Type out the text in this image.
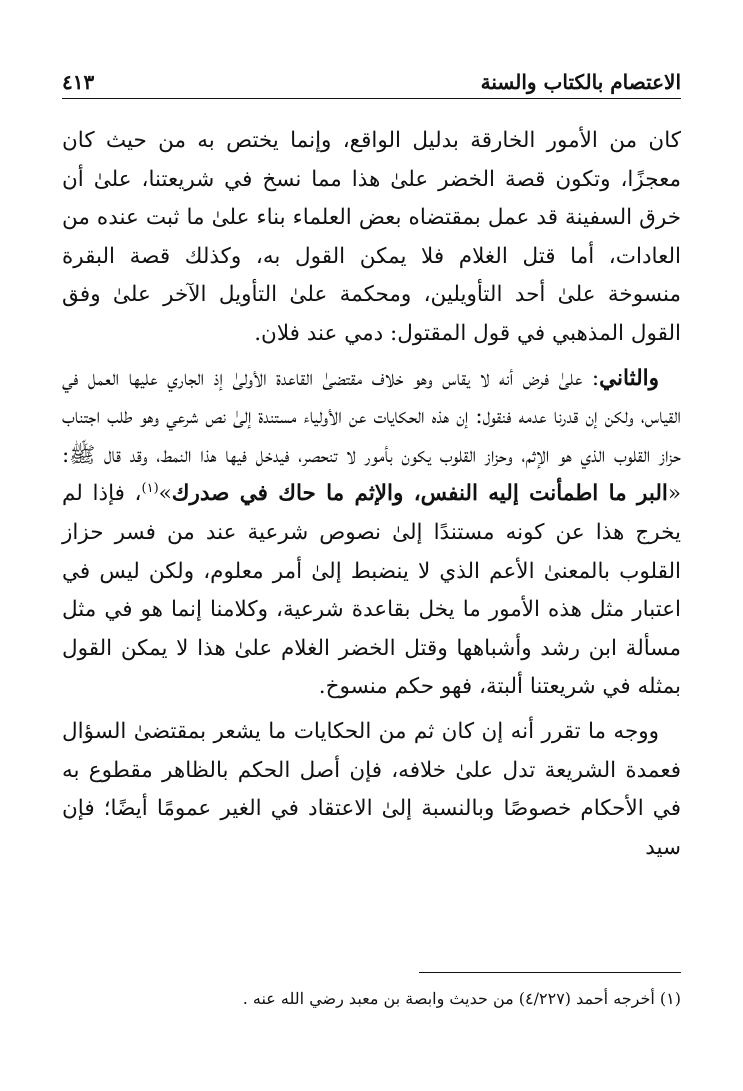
الاعتصام بالكتاب والسنة
٤١٣

كان من الأمور الخارقة بدليل الواقع، وإنما يختص به من حيث كان معجزًا، وتكون قصة الخضر علىٰ هذا مما نسخ في شريعتنا، علىٰ أن خرق السفينة قد عمل بمقتضاه بعض العلماء بناء علىٰ ما ثبت عنده من العادات، أما قتل الغلام فلا يمكن القول به، وكذلك قصة البقرة منسوخة علىٰ أحد التأويلين، ومحكمة علىٰ التأويل الآخر علىٰ وفق القول المذهبي في قول المقتول: دمي عند فلان.

والثاني: علىٰ فرض أنه لا يقاس وهو خلاف مقتضىٰ القاعدة الأولىٰ إذ الجاري عليها العمل في القياس، ولكن إن قدرنا عدمه فنقول: إن هذه الحكايات عن الأولياء مستندة إلىٰ نص شرعي وهو طلب اجتناب حزاز القلوب الذي هو الإثم، وحزاز القلوب يكون بأمور لا تنحصر، فيدخل فيها هذا النمط، وقد قال ﷺ: «البر ما اطمأنت إليه النفس، والإثم ما حاك في صدرك»$^{(١)}$، فإذا لم يخرج هذا عن كونه مستندًا إلىٰ نصوص شرعية عند من فسر حزاز القلوب بالمعنىٰ الأعم الذي لا ينضبط إلىٰ أمر معلوم، ولكن ليس في اعتبار مثل هذه الأمور ما يخل بقاعدة شرعية، وكلامنا إنما هو في مثل مسألة ابن رشد وأشباهها وقتل الخضر الغلام علىٰ هذا لا يمكن القول بمثله في شريعتنا ألبتة، فهو حكم منسوخ.

ووجه ما تقرر أنه إن كان ثم من الحكايات ما يشعر بمقتضىٰ السؤال فعمدة الشريعة تدل علىٰ خلافه، فإن أصل الحكم بالظاهر مقطوع به في الأحكام خصوصًا وبالنسبة إلىٰ الاعتقاد في الغير عمومًا أيضًا؛ فإن سيد

(١) أخرجه أحمد (٤/٢٢٧) من حديث وابصة بن معبد رضي الله عنه .
